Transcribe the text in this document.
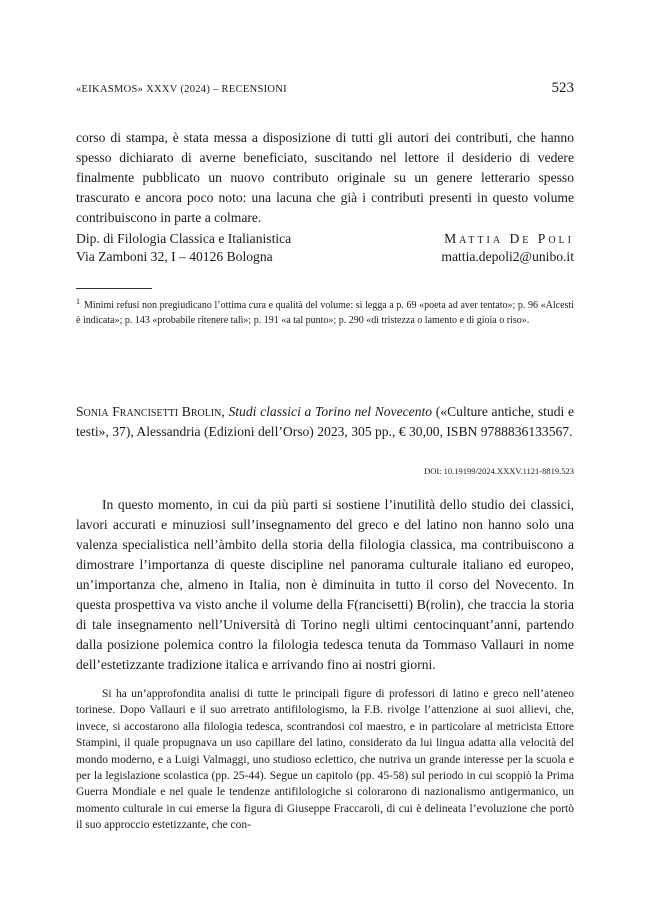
«EIKASMOS» XXXV (2024) – RECENSIONI	523

corso di stampa, è stata messa a disposizione di tutti gli autori dei contributi, che hanno spesso dichiarato di averne beneficiato, suscitando nel lettore il desiderio di vedere finalmente pubblicato un nuovo contributo originale su un genere letterario spesso trascurato e ancora poco noto: una lacuna che già i contributi presenti in questo volume contribuiscono in parte a colmare.

Dip. di Filologia Classica e Italianistica	Mattia De Poli
Via Zamboni 32, I – 40126 Bologna	mattia.depoli2@unibo.it

$^1$ Minimi refusi non pregiudicano l’ottima cura e qualità del volume: si legga a p. 69 «poeta ad aver tentato»; p. 96 «Alcesti è indicata»; p. 143 «probabile ritenere tali»; p. 191 «a tal punto»; p. 290 «di tristezza o lamento e di gioia o riso».

Sonia Francisetti Brolin, Studi classici a Torino nel Novecento («Culture antiche, studi e testi», 37), Alessandria (Edizioni dell’Orso) 2023, 305 pp., € 30,00, ISBN 9788836133567.

DOI: 10.19199/2024.XXXV.1121-8819.523

In questo momento, in cui da più parti si sostiene l’inutilità dello studio dei classici, lavori accurati e minuziosi sull’insegnamento del greco e del latino non hanno solo una valenza specialistica nell’àmbito della storia della filologia classica, ma contribuiscono a dimostrare l’importanza di queste discipline nel panorama culturale italiano ed europeo, un’importanza che, almeno in Italia, non è diminuita in tutto il corso del Novecento. In questa prospettiva va visto anche il volume della F(rancisetti) B(rolin), che traccia la storia di tale insegnamento nell’Università di Torino negli ultimi centocinquant’anni, partendo dalla posizione polemica contro la filologia tedesca tenuta da Tommaso Vallauri in nome dell’estetizzante tradizione italica e arrivando fino ai nostri giorni.

Si ha un’approfondita analisi di tutte le principali figure di professori di latino e greco nell’ateneo torinese. Dopo Vallauri e il suo arretrato antifilologismo, la F.B. rivolge l’attenzione ai suoi allievi, che, invece, si accostarono alla filologia tedesca, scontrandosi col maestro, e in particolare al metricista Ettore Stampini, il quale propugnava un uso capillare del latino, considerato da lui lingua adatta alla velocità del mondo moderno, e a Luigi Valmaggi, uno studioso eclettico, che nutriva un grande interesse per la scuola e per la legislazione scolastica (pp. 25-44). Segue un capitolo (pp. 45-58) sul periodo in cui scoppiò la Prima Guerra Mondiale e nel quale le tendenze antifilologiche si colorarono di nazionalismo antigermanico, un momento culturale in cui emerse la figura di Giuseppe Fraccaroli, di cui è delineata l’evoluzione che portò il suo approccio estetizzante, che con-
